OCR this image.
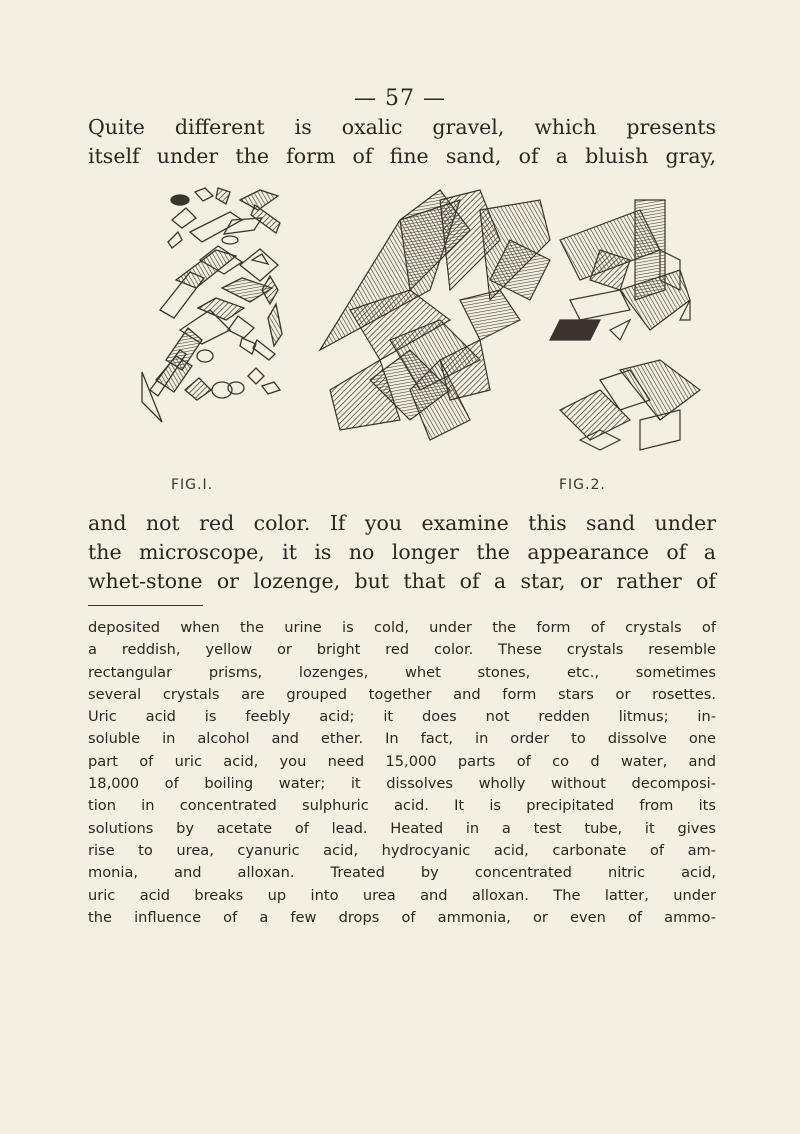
— 57 —

Quite different is oxalic gravel, which presents
itself under the form of fine sand, of a bluish gray,

FIG.I.	FIG.2.

and not red color. If you examine this sand under
the microscope, it is no longer the appearance of a
whet-stone or lozenge, but that of a star, or rather of

deposited when the urine is cold, under the form of crystals of
a reddish, yellow or bright red color. These crystals resemble
rectangular prisms, lozenges, whet stones, etc., sometimes
several crystals are grouped together and form stars or rosettes.
Uric acid is feebly acid; it does not redden litmus; in-
soluble in alcohol and ether. In fact, in order to dissolve one
part of uric acid, you need 15,000 parts of co d water, and
18,000 of boiling water; it dissolves wholly without decomposi-
tion in concentrated sulphuric acid. It is precipitated from its
solutions by acetate of lead. Heated in a test tube, it gives
rise to urea, cyanuric acid, hydrocyanic acid, carbonate of am-
monia, and alloxan. Treated by concentrated nitric acid,
uric acid breaks up into urea and alloxan. The latter, under
the influence of a few drops of ammonia, or even of ammo-
